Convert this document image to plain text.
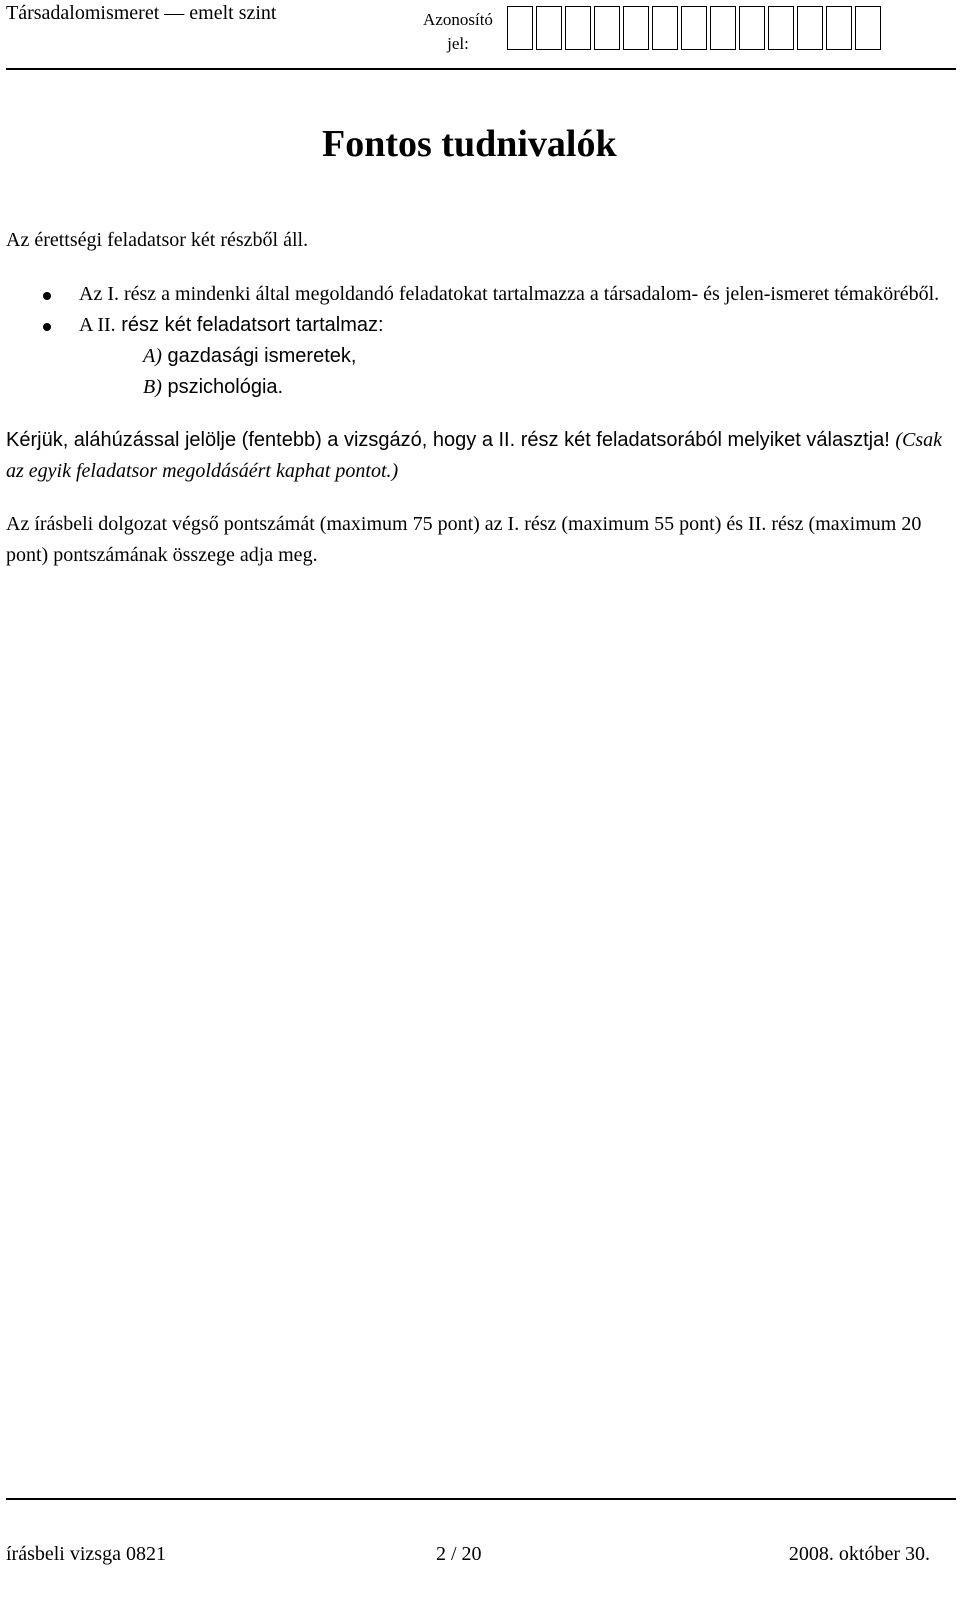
Társadalomismeret — emelt szint	Azonosító jel:
Fontos tudnivalók

Az érettségi feladatsor két részből áll.

Az I. rész a mindenki által megoldandó feladatokat tartalmazza a társadalom- és jelen-ismeret témaköréből.
A II. rész két feladatsort tartalmaz:
A) gazdasági ismeretek,
B) pszichológia.

Kérjük, aláhúzással jelölje (fentebb) a vizsgázó, hogy a II. rész két feladatsorából melyiket választja! (Csak az egyik feladatsor megoldásáért kaphat pontot.)

Az írásbeli dolgozat végső pontszámát (maximum 75 pont) az I. rész (maximum 55 pont) és II. rész (maximum 20 pont) pontszámának összege adja meg.

írásbeli vizsga 0821	2 / 20	2008. október 30.
